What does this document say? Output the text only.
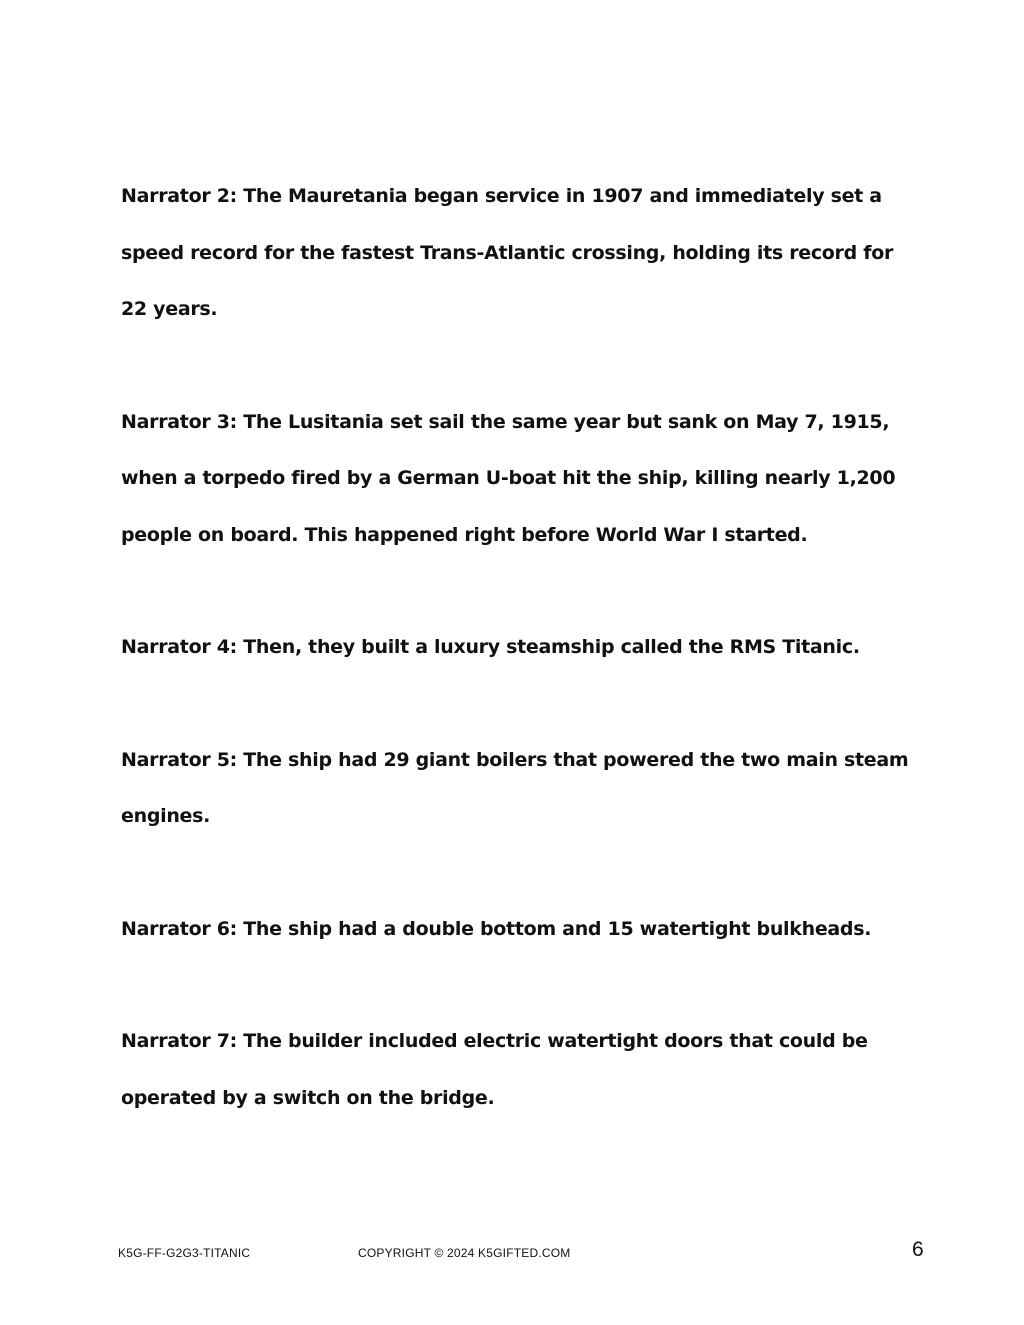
Narrator 2: The Mauretania began service in 1907 and immediately set a speed record for the fastest Trans-Atlantic crossing, holding its record for 22 years.

Narrator 3: The Lusitania set sail the same year but sank on May 7, 1915, when a torpedo fired by a German U-boat hit the ship, killing nearly 1,200 people on board. This happened right before World War I started.

Narrator 4: Then, they built a luxury steamship called the RMS Titanic.

Narrator 5: The ship had 29 giant boilers that powered the two main steam engines.

Narrator 6: The ship had a double bottom and 15 watertight bulkheads.

Narrator 7: The builder included electric watertight doors that could be operated by a switch on the bridge.

K5G-FF-G2G3-TITANIC	COPYRIGHT © 2024 K5GIFTED.COM	6
